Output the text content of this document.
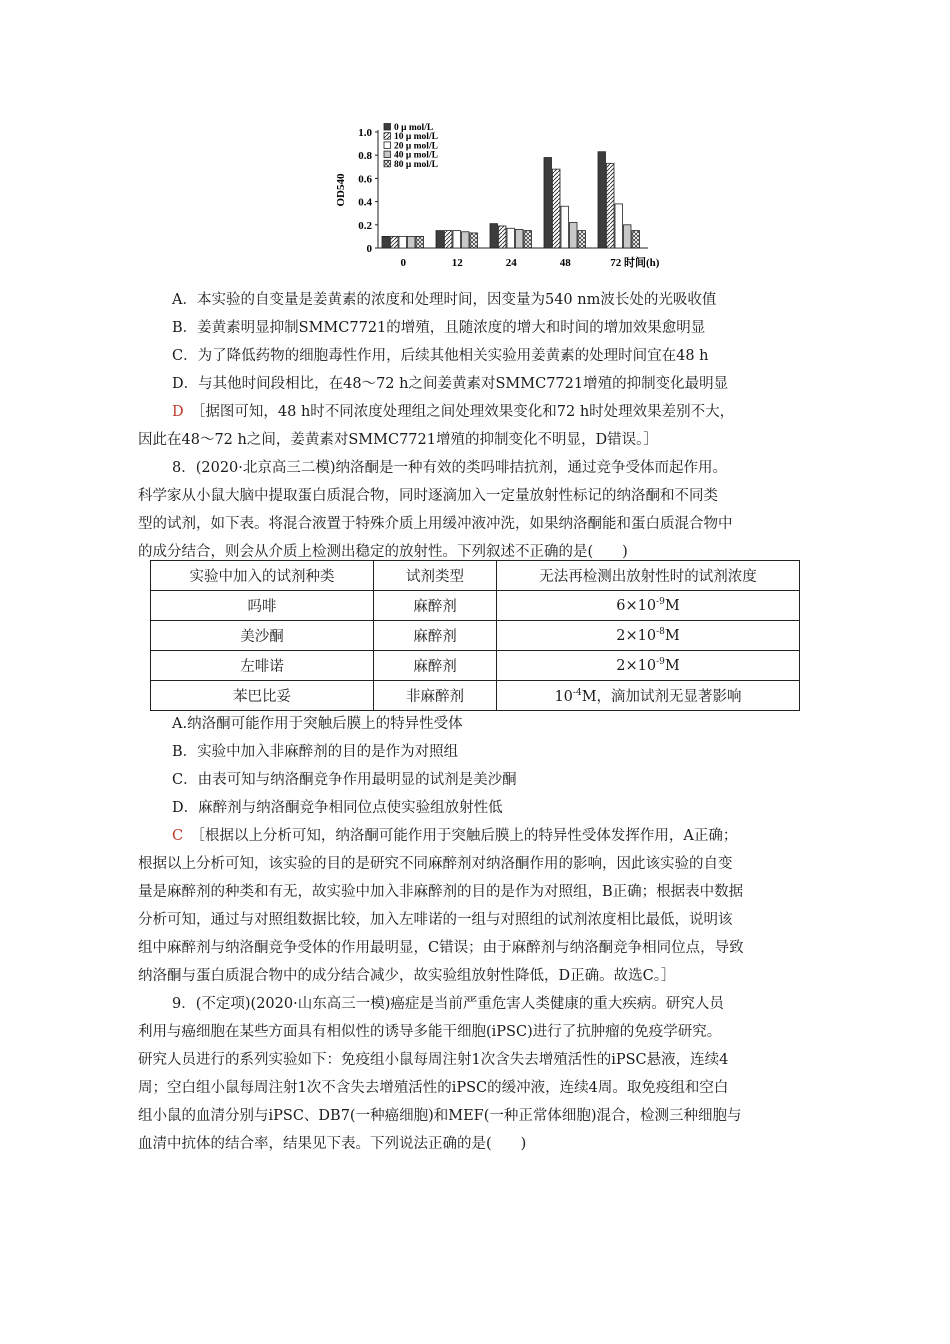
0
0.2
0.4
0.6
0.8
1.0
OD540
0	12	24	48	72 时间(h)
0 μ mol/L
10 μ mol/L
20 μ mol/L
40 μ mol/L
80 μ mol/L
A．本实验的自变量是姜黄素的浓度和处理时间，因变量为540 nm波长处的光吸收值
B．姜黄素明显抑制SMMC7721的增殖，且随浓度的增大和时间的增加效果愈明显
C．为了降低药物的细胞毒性作用，后续其他相关实验用姜黄素的处理时间宜在48 h
D．与其他时间段相比，在48～72 h之间姜黄素对SMMC7721增殖的抑制变化最明显
D　 ［据图可知，48 h时不同浓度处理组之间处理效果变化和72 h时处理效果差别不大，
因此在48～72 h之间，姜黄素对SMMC7721增殖的抑制变化不明显，D错误。］
8．(2020·北京高三二模)纳洛酮是一种有效的类吗啡拮抗剂，通过竞争受体而起作用。
科学家从小鼠大脑中提取蛋白质混合物，同时逐滴加入一定量放射性标记的纳洛酮和不同类
型的试剂，如下表。将混合液置于特殊介质上用缓冲液冲洗，如果纳洛酮能和蛋白质混合物中
的成分结合，则会从介质上检测出稳定的放射性。下列叙述不正确的是(　　)
实验中加入的试剂种类	试剂类型	无法再检测出放射性时的试剂浓度
吗啡	麻醉剂	$6\times 10^{-9}M$
美沙酮	麻醉剂	$2\times 10^{-8}M$
左啡诺	麻醉剂	$2\times 10^{-9}M$
苯巴比妥	非麻醉剂	$10^{-4}M$，滴加试剂无显著影响
A.纳洛酮可能作用于突触后膜上的特异性受体
B．实验中加入非麻醉剂的目的是作为对照组
C．由表可知与纳洛酮竞争作用最明显的试剂是美沙酮
D．麻醉剂与纳洛酮竞争相同位点使实验组放射性低
C　 ［根据以上分析可知，纳洛酮可能作用于突触后膜上的特异性受体发挥作用，A正确；
根据以上分析可知，该实验的目的是研究不同麻醉剂对纳洛酮作用的影响，因此该实验的自变
量是麻醉剂的种类和有无，故实验中加入非麻醉剂的目的是作为对照组，B正确；根据表中数据
分析可知，通过与对照组数据比较，加入左啡诺的一组与对照组的试剂浓度相比最低，说明该
组中麻醉剂与纳洛酮竞争受体的作用最明显，C错误；由于麻醉剂与纳洛酮竞争相同位点，导致
纳洛酮与蛋白质混合物中的成分结合减少，故实验组放射性降低，D正确。故选C。］
9．(不定项)(2020·山东高三一模)癌症是当前严重危害人类健康的重大疾病。研究人员
利用与癌细胞在某些方面具有相似性的诱导多能干细胞(iPSC)进行了抗肿瘤的免疫学研究。
研究人员进行的系列实验如下：免疫组小鼠每周注射1次含失去增殖活性的iPSC悬液，连续4
周；空白组小鼠每周注射1次不含失去增殖活性的iPSC的缓冲液，连续4周。取免疫组和空白
组小鼠的血清分别与iPSC、DB7(一种癌细胞)和MEF(一种正常体细胞)混合，检测三种细胞与
血清中抗体的结合率，结果见下表。下列说法正确的是(　　)
